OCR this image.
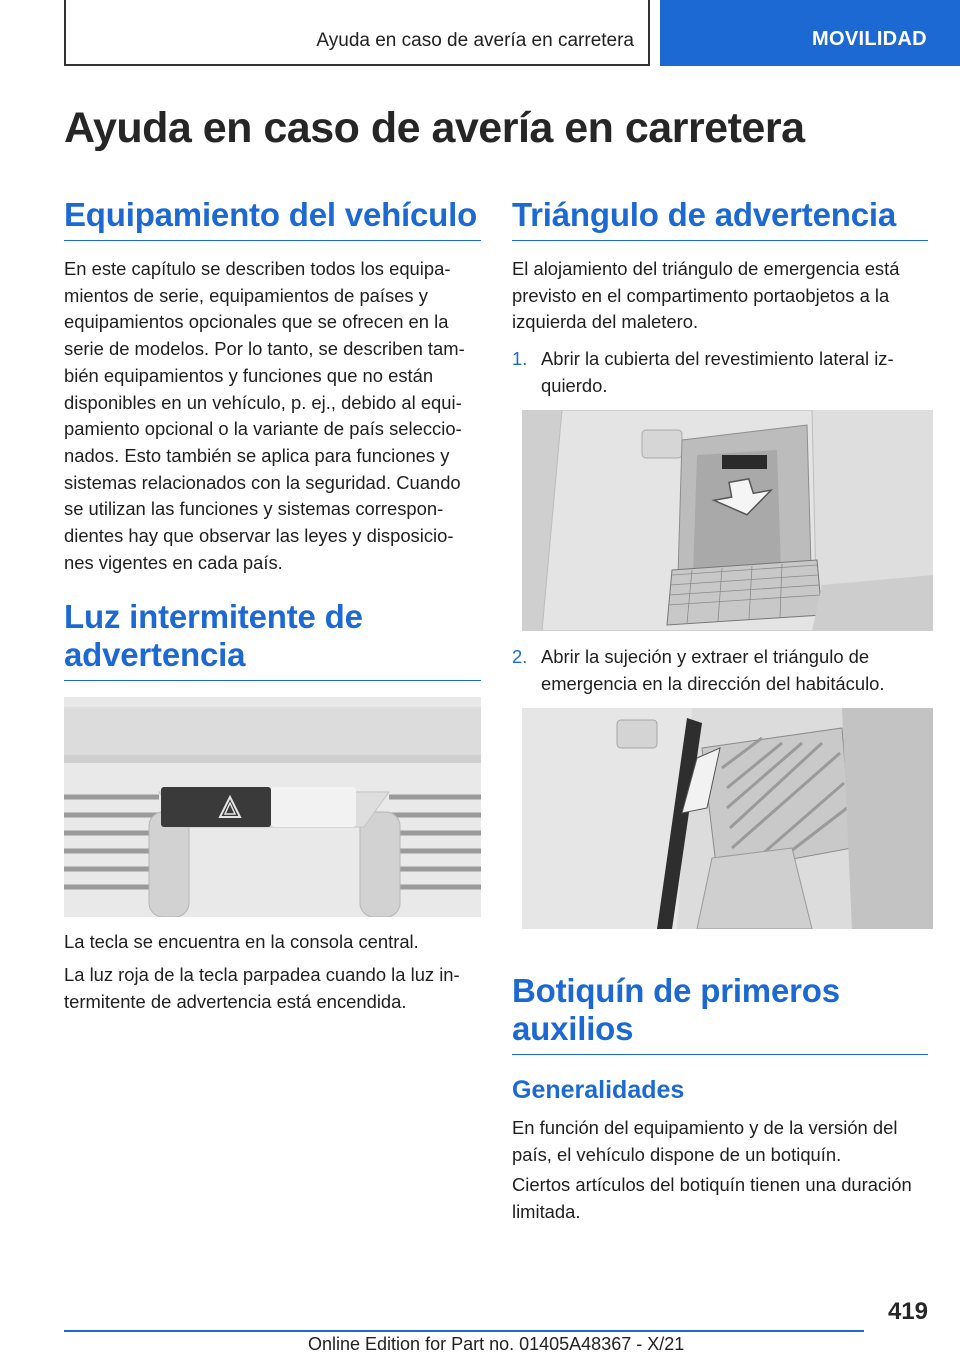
Ayuda en caso de avería en carretera	MOVILIDAD
Ayuda en caso de avería en carretera
Equipamiento del vehículo
En este capítulo se describen todos los equipa-
mientos de serie, equipamientos de países y
equipamientos opcionales que se ofrecen en la
serie de modelos. Por lo tanto, se describen tam-
bién equipamientos y funciones que no están
disponibles en un vehículo, p. ej., debido al equi-
pamiento opcional o la variante de país seleccio-
nados. Esto también se aplica para funciones y
sistemas relacionados con la seguridad. Cuando
se utilizan las funciones y sistemas correspon-
dientes hay que observar las leyes y disposicio-
nes vigentes en cada país.
Luz intermitente de
advertencia
La tecla se encuentra en la consola central.
La luz roja de la tecla parpadea cuando la luz in-
termitente de advertencia está encendida.
Triángulo de advertencia
El alojamiento del triángulo de emergencia está
previsto en el compartimento portaobjetos a la
izquierda del maletero.
1. Abrir la cubierta del revestimiento lateral iz-
quierdo.
2. Abrir la sujeción y extraer el triángulo de
emergencia en la dirección del habitáculo.
Botiquín de primeros
auxilios
Generalidades
En función del equipamiento y de la versión del
país, el vehículo dispone de un botiquín.
Ciertos artículos del botiquín tienen una duración
limitada.
419
Online Edition for Part no. 01405A48367 - X/21
